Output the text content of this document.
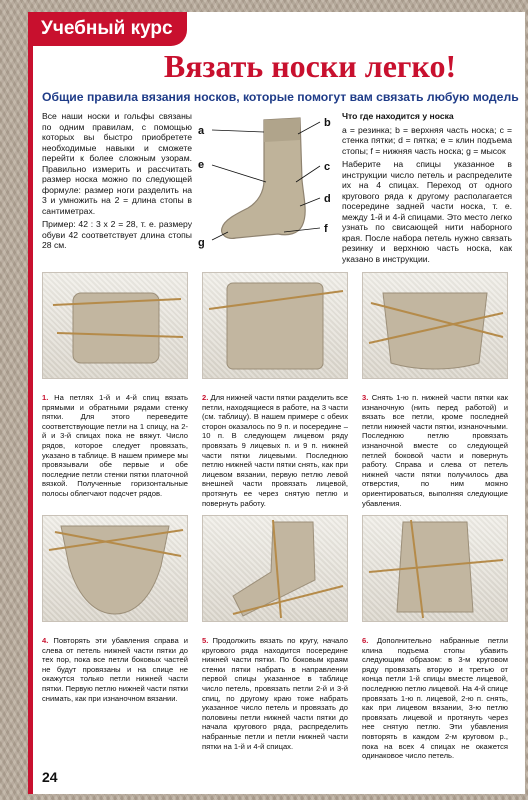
Учебный курс
Вязать носки легко!
Общие правила вязания носков, которые помогут вам связать любую модель

Все наши носки и гольфы связаны по одним правилам, с помощью которых вы быстро приобретете необходимые навыки и сможете перейти к более сложным узорам. Правильно измерить и рассчитать размер носка можно по следующей формуле: размер ноги разделить на 3 и умножить на 2 = длина стопы в сантиметрах.

Пример: 42 : 3 х 2 = 28, т. е. размеру обуви 42 соответствует длина стопы 28 см.

a
b
c
d
e
f
g

Что где находится у носка

а = резинка; b = верхняя часть носка; с = стенка пятки; d = пятка; е = клин подъема стопы; f = нижняя часть носка; g = мысок

Наберите на спицы указанное в инструкции число петель и распределите их на 4 спицах. Переход от одного кругового ряда к другому располагается посередине задней части носка, т. е. между 1-й и 4-й спицами. Это место легко узнать по свисающей нити наборного края. После набора петель нужно связать резинку и верхнюю часть носка, как указано в инструкции.

1. На петлях 1-й и 4-й спиц вязать прямыми и обратными рядами стенку пятки. Для этого переведите соответствующие петли на 1 спицу, на 2-й и 3-й спицах пока не вяжут. Число рядов, которое следует провязать, указано в таблице. В нашем примере мы провязывали обе первые и обе последние петли стенки пятки платочной вязкой. Полученные горизонтальные полосы облегчают подсчет рядов.
2. Для нижней части пятки разделить все петли, находящиеся в работе, на 3 части (см. таблицу). В нашем примере с обеих сторон оказалось по 9 п. и посередине – 10 п. В следующем лицевом ряду провязать 9 лицевых п. и 9 п. нижней части пятки лицевыми. Последнюю петлю нижней части пятки снять, как при лицевом вязании, первую петлю левой внешней части провязать лицевой, протянуть ее через снятую петлю и повернуть работу.
3. Снять 1-ю п. нижней части пятки как изнаночную (нить перед работой) и вязать все петли, кроме последней петли нижней части пятки, изнаночными. Последнюю петлю провязать изнаночной вместе со следующей петлей боковой части и повернуть работу. Справа и слева от петель нижней части пятки получилось два отверстия, по ним можно ориентироваться, выполняя следующие убавления.
4. Повторять эти убавления справа и слева от петель нижней части пятки до тех пор, пока все петли боковых частей не будут провязаны и на спице не окажутся только петли нижней части пятки. Первую петлю нижней части пятки снимать, как при изнаночном вязании.
5. Продолжить вязать по кругу, начало кругового ряда находится посередине нижней части пятки. По боковым краям стенки пятки набрать в направлении первой спицы указанное в таблице число петель, провязать петли 2-й и 3-й спиц, по другому краю тоже набрать указанное число петель и провязать до половины петли нижней части пятки до начала кругового ряда, распределить набранные петли и петли нижней части пятки на 1-й и 4-й спицах.
6. Дополнительно набранные петли клина подъема стопы убавить следующим образом: в 3-м круговом ряду провязать вторую и третью от конца петли 1-й спицы вместе лицевой, последнюю петлю лицевой. На 4-й спице провязать 1-ю п. лицевой, 2-ю п. снять, как при лицевом вязании, 3-ю петлю провязать лицевой и протянуть через нее снятую петлю. Эти убавления повторять в каждом 2-м круговом р., пока на всех 4 спицах не окажется одинаковое число петель.
24
